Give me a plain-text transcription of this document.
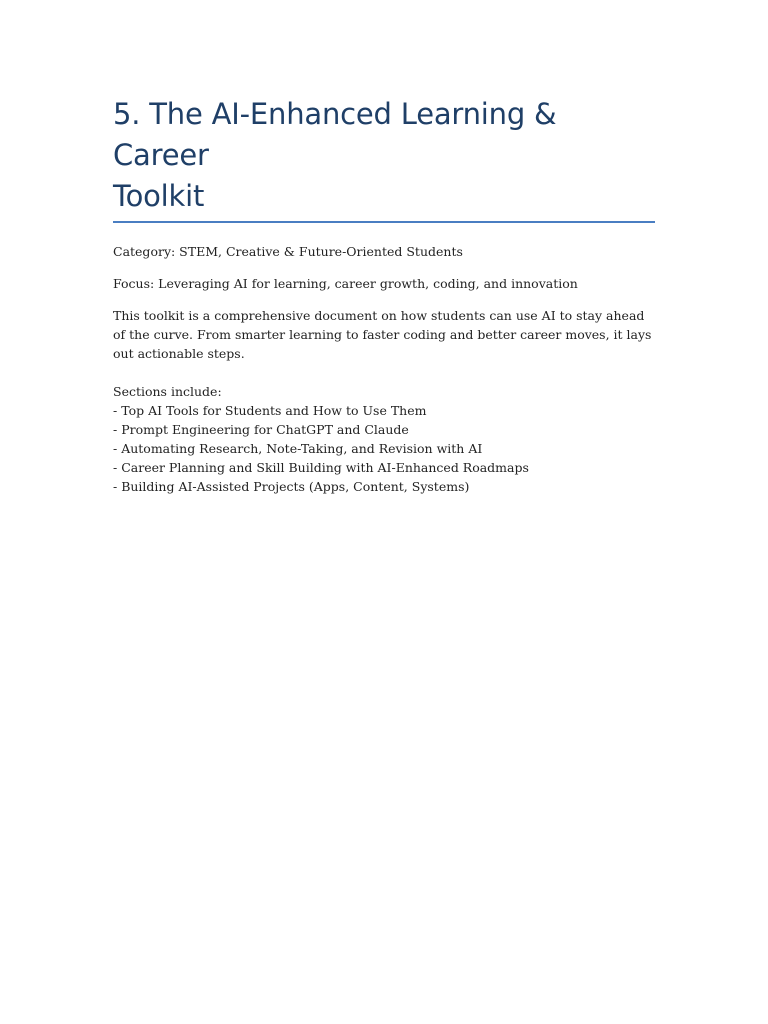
5. The AI-Enhanced Learning & Career
Toolkit

Category: STEM, Creative & Future-Oriented Students

Focus: Leveraging AI for learning, career growth, coding, and innovation

This toolkit is a comprehensive document on how students can use AI to stay ahead of the curve. From smarter learning to faster coding and better career moves, it lays out actionable steps.

Sections include:

- Top AI Tools for Students and How to Use Them
- Prompt Engineering for ChatGPT and Claude
- Automating Research, Note-Taking, and Revision with AI
- Career Planning and Skill Building with AI-Enhanced Roadmaps
- Building AI-Assisted Projects (Apps, Content, Systems)
